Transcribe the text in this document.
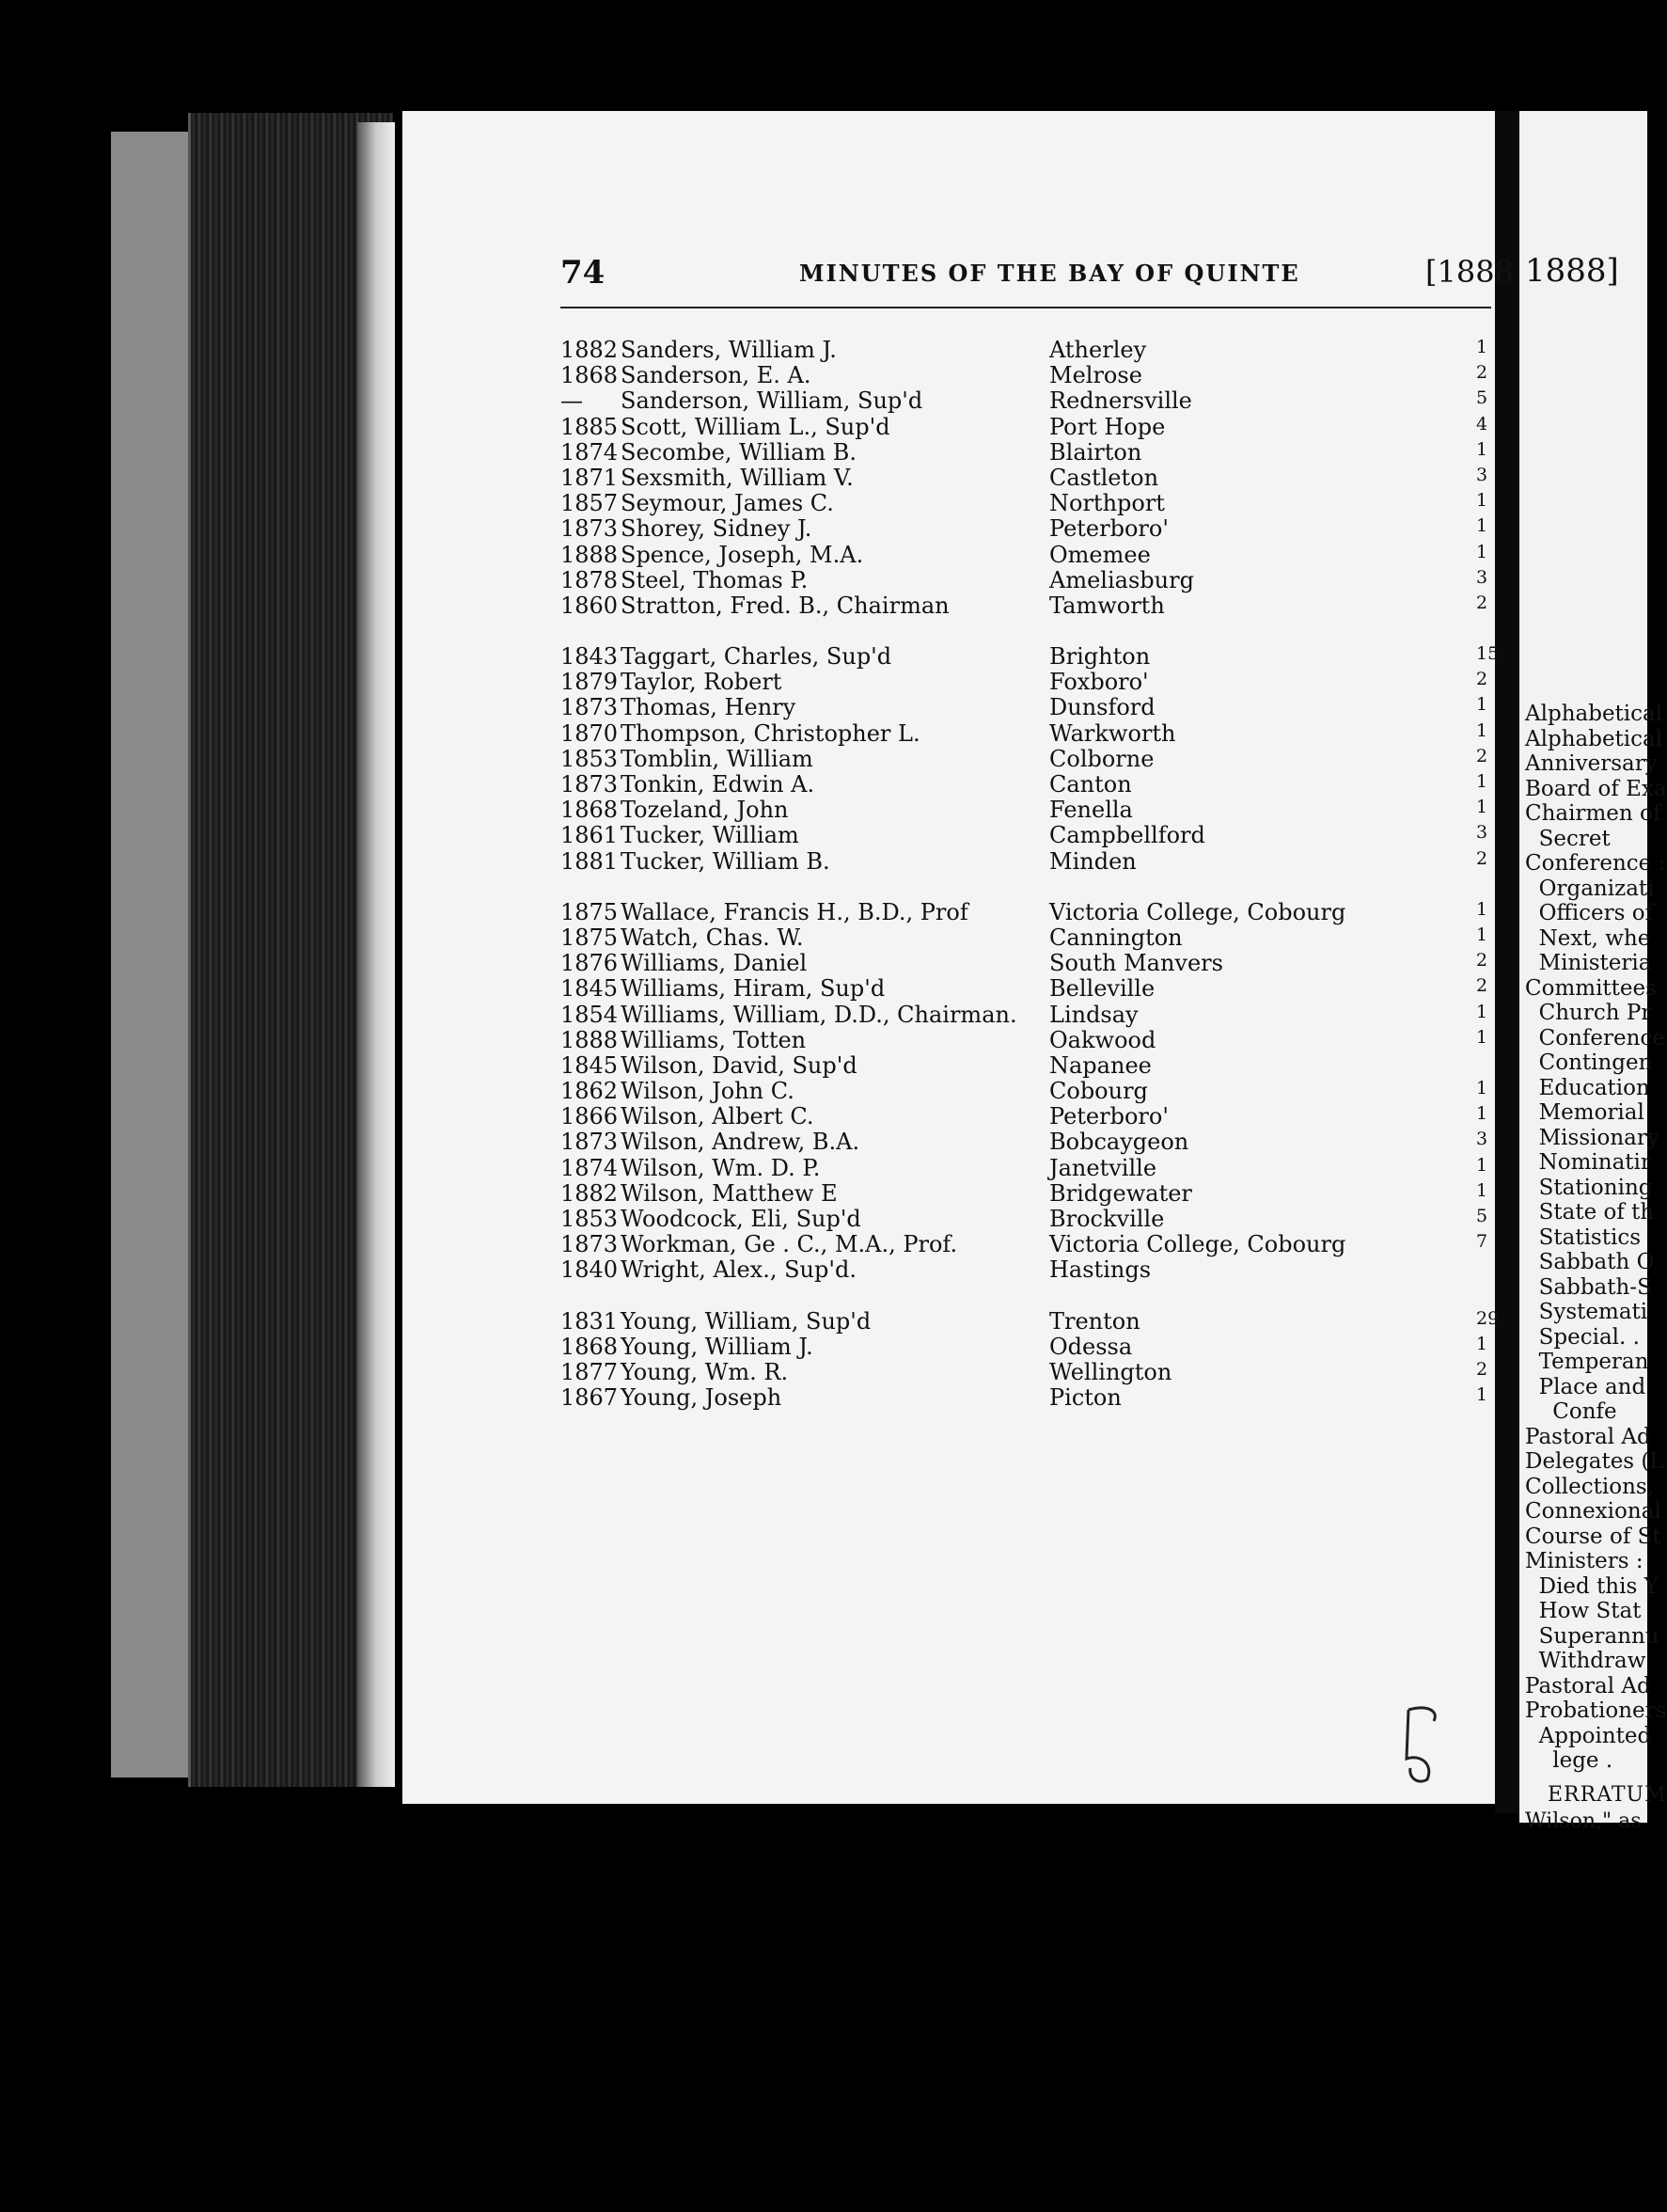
74	MINUTES OF THE BAY OF QUINTE	[1888
1882 Sanders, William J.	Atherley	1
1868 Sanderson, E. A.	Melrose	2
—	Sanderson, William, Sup'd	Rednersville	5
1885 Scott, William L., Sup'd	Port Hope	4
1874 Secombe, William B.	Blairton	1
1871 Sexsmith, William V.	Castleton	3
1857 Seymour, James C.	Northport	1
1873 Shorey, Sidney J.	Peterboro'	1
1888 Spence, Joseph, M.A.	Omemee	1
1878 Steel, Thomas P.	Ameliasburg	3
1860 Stratton, Fred. B., Chairman	Tamworth	2
1843 Taggart, Charles, Sup'd	Brighton	15
1879 Taylor, Robert	Foxboro'	2
1873 Thomas, Henry	Dunsford	1
1870 Thompson, Christopher L.	Warkworth	1
1853 Tomblin, William	Colborne	2
1873 Tonkin, Edwin A.	Canton	1
1868 Tozeland, John	Fenella	1
1861 Tucker, William	Campbellford	3
1881 Tucker, William B.	Minden	2
1875 Wallace, Francis H., B.D., Prof	Victoria College, Cobourg	1
1875 Watch, Chas. W.	Cannington	1
1876 Williams, Daniel	South Manvers	2
1845 Williams, Hiram, Sup'd	Belleville	2
1854 Williams, William, D.D., Chairman. Lindsay	1
1888 Williams, Totten	Oakwood	1
1845 Wilson, David, Sup'd	Napanee
1862 Wilson, John C.	Cobourg	1
1866 Wilson, Albert C.	Peterboro'	1
1873 Wilson, Andrew, B.A.	Bobcaygeon	3
1874 Wilson, Wm. D. P.	Janetville	1
1882 Wilson, Matthew E	Bridgewater	1
1853 Woodcock, Eli, Sup'd	Brockville	5
1873 Workman, Ge . C., M.A., Prof.	Victoria College, Cobourg	7
1840 Wright, Alex., Sup'd.	Hastings
1831 Young, William, Sup'd	Trenton	29
1868 Young, William J.	Odessa	1
1877 Young, Wm. R.	Wellington	2
1867 Young, Joseph	Picton	1
1888]
Alphabetical
Alphabetical
Anniversary
Board of Exa
Chairmen of
Secret
Conference :
Organizati
Officers of
Next, whe
Ministeria
Committees
Church Pr
Conference
Contingen
Education
Memorial
Missionary
Nominatir
Stationing
State of th
Statistics
Sabbath O
Sabbath-S
Systemati
Special. .
Temperan
Place and
Confe
Pastoral Ad
Delegates (L
Collections,
Connexional
Course of St
Ministers :
Died this Y
How Stat
Superannu
Withdraw
Pastoral Ad
Probationers
Appointed
lege .
ERRATUM
Wilson," as
